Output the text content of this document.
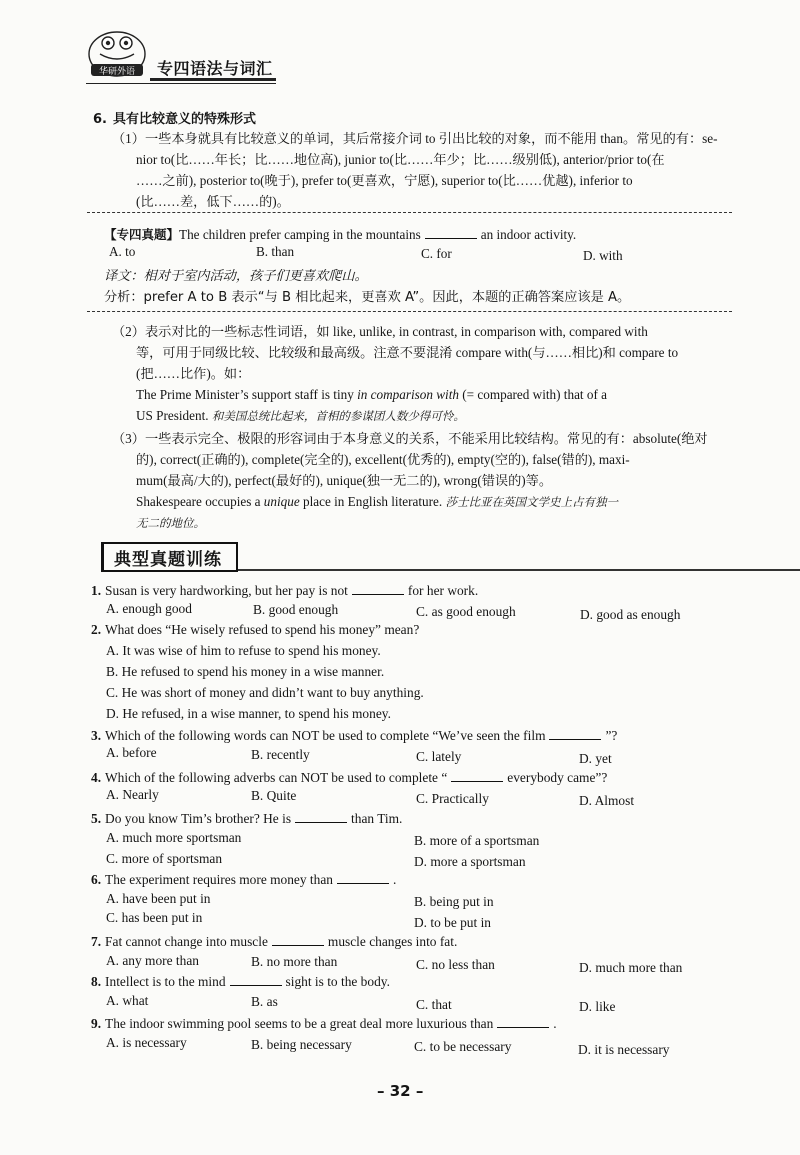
华研外语 专四语法与词汇
6. 具有比较意义的特殊形式
（1）一些本身就具有比较意义的单词，其后常接介词 to 引出比较的对象，而不能用 than。常见的有：se-
nior to(比……年长；比……地位高), junior to(比……年少；比……级别低), anterior/prior to(在
……之前), posterior to(晚于), prefer to(更喜欢，宁愿), superior to(比……优越), inferior to
(比……差，低下……的)。
【专四真题】The children prefer camping in the mountains	an indoor activity.
A. to	B. than	C. for	D. with
译文：相对于室内活动，孩子们更喜欢爬山。
分析：prefer A to B 表示“与 B 相比起来，更喜欢 A”。因此，本题的正确答案应该是 A。
（2）表示对比的一些标志性词语，如 like, unlike, in contrast, in comparison with, compared with
等，可用于同级比较、比较级和最高级。注意不要混淆 compare with(与……相比)和 compare to
(把……比作)。如：
The Prime Minister’s support staff is tiny in comparison with (= compared with) that of a
US President. 和美国总统比起来，首相的参谋团人数少得可怜。
（3）一些表示完全、极限的形容词由于本身意义的关系，不能采用比较结构。常见的有：absolute(绝对
的), correct(正确的), complete(完全的), excellent(优秀的), empty(空的), false(错的), maxi-
mum(最高/大的), perfect(最好的), unique(独一无二的), wrong(错误的)等。
Shakespeare occupies a unique place in English literature. 莎士比亚在英国文学史上占有独一
无二的地位。
典型真题训练
1. Susan is very hardworking, but her pay is not	for her work.
A. enough good	B. good enough	C. as good enough	D. good as enough
2. What does “He wisely refused to spend his money” mean?
A. It was wise of him to refuse to spend his money.
B. He refused to spend his money in a wise manner.
C. He was short of money and didn’t want to buy anything.
D. He refused, in a wise manner, to spend his money.
3. Which of the following words can NOT be used to complete “We’ve seen the film	”?
A. before	B. recently	C. lately	D. yet
4. Which of the following adverbs can NOT be used to complete “	everybody came”?
A. Nearly	B. Quite	C. Practically	D. Almost
5. Do you know Tim’s brother? He is	than Tim.
A. much more sportsman	B. more of a sportsman
C. more of sportsman	D. more a sportsman
6. The experiment requires more money than	.
A. have been put in	B. being put in
C. has been put in	D. to be put in
7. Fat cannot change into muscle	muscle changes into fat.
A. any more than	B. no more than	C. no less than	D. much more than
8. Intellect is to the mind	sight is to the body.
A. what	B. as	C. that	D. like
9. The indoor swimming pool seems to be a great deal more luxurious than	.
A. is necessary	B. being necessary	C. to be necessary	D. it is necessary
– 32 –
